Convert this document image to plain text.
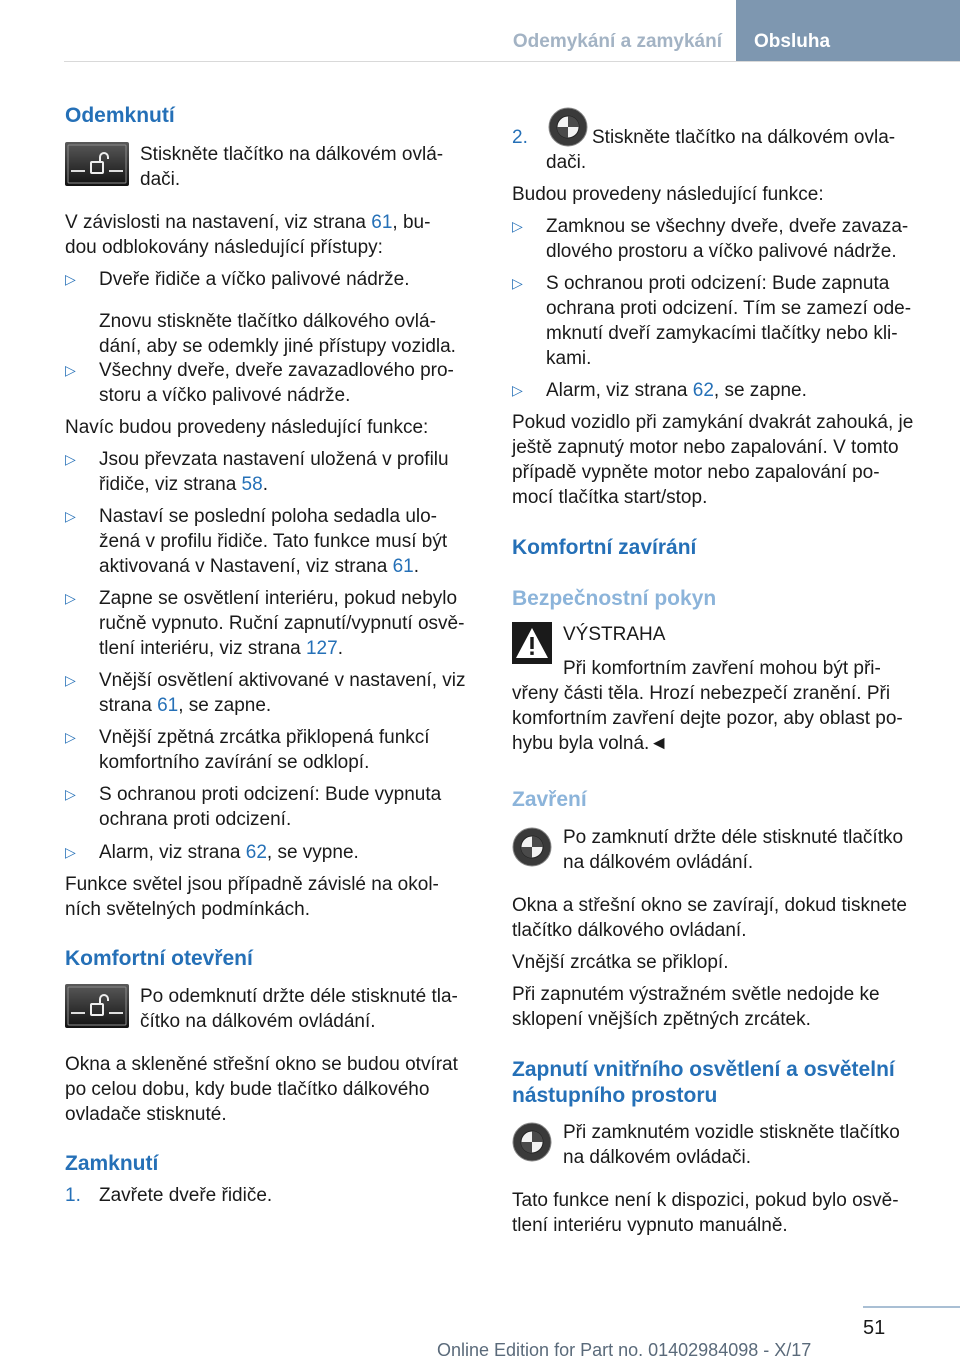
Odemykání a zamykání Obsluha
Odemknutí

Stiskněte tlačítko na dálkovém ovlá‐

dači.

V závislosti na nastavení, viz strana 61, bu‐

dou odblokovány následující přístupy:

▷ Dveře řidiče a víčko palivové nádrže.

Znovu stiskněte tlačítko dálkového ovlá‐

dání, aby se odemkly jiné přístupy vozidla.

▷ Všechny dveře, dveře zavazadlového pro‐

storu a víčko palivové nádrže.

Navíc budou provedeny následující funkce:

▷ Jsou převzata nastavení uložená v profilu

řidiče, viz strana 58.

▷ Nastaví se poslední poloha sedadla ulo‐

žená v profilu řidiče. Tato funkce musí být

aktivovaná v Nastavení, viz strana 61.

▷ Zapne se osvětlení interiéru, pokud nebylo

ručně vypnuto. Ruční zapnutí/vypnutí osvě‐

tlení interiéru, viz strana 127.

▷ Vnější osvětlení aktivované v nastavení, viz

strana 61, se zapne.

▷ Vnější zpětná zrcátka přiklopená funkcí

komfortního zavírání se odklopí.

▷ S ochranou proti odcizení: Bude vypnuta

ochrana proti odcizení.

▷ Alarm, viz strana 62, se vypne.

Funkce světel jsou případně závislé na okol‐

ních světelných podmínkách.

Komfortní otevření

Po odemknutí držte déle stisknuté tla‐

čítko na dálkovém ovládání.

Okna a skleněné střešní okno se budou otvírat

po celou dobu, kdy bude tlačítko dálkového

ovladače stisknuté.

Zamknutí
1. Zavřete dveře řidiče.

2.	Stiskněte tlačítko na dálkovém ovla‐

dači.

Budou provedeny následující funkce:

▷ Zamknou se všechny dveře, dveře zavaza‐

dlového prostoru a víčko palivové nádrže.

▷ S ochranou proti odcizení: Bude zapnuta

ochrana proti odcizení. Tím se zamezí ode‐

mknutí dveří zamykacími tlačítky nebo kli‐

kami.

▷ Alarm, viz strana 62, se zapne.

Pokud vozidlo při zamykání dvakrát zahouká, je

ještě zapnutý motor nebo zapalování. V tomto

případě vypněte motor nebo zapalování po‐

mocí tlačítka start/stop.

Komfortní zavírání
Bezpečnostní pokyn

VÝSTRAHA

Při komfortním zavření mohou být při‐

vřeny části těla. Hrozí nebezpečí zranění. Při

komfortním zavření dejte pozor, aby oblast po‐

hybu byla volná.◄

Zavření

Po zamknutí držte déle stisknuté tlačítko

na dálkovém ovládání.

Okna a střešní okno se zavírají, dokud tisknete

tlačítko dálkového ovládaní.

Vnější zrcátka se přiklopí.

Při zapnutém výstražném světle nedojde ke

sklopení vnějších zpětných zrcátek.

Zapnutí vnitřního osvětlení a osvětelní
nástupního prostoru

Při zamknutém vozidle stiskněte tlačítko

na dálkovém ovládači.

Tato funkce není k dispozici, pokud bylo osvě‐

tlení interiéru vypnuto manuálně.

51
Online Edition for Part no. 01402984098 - X/17
